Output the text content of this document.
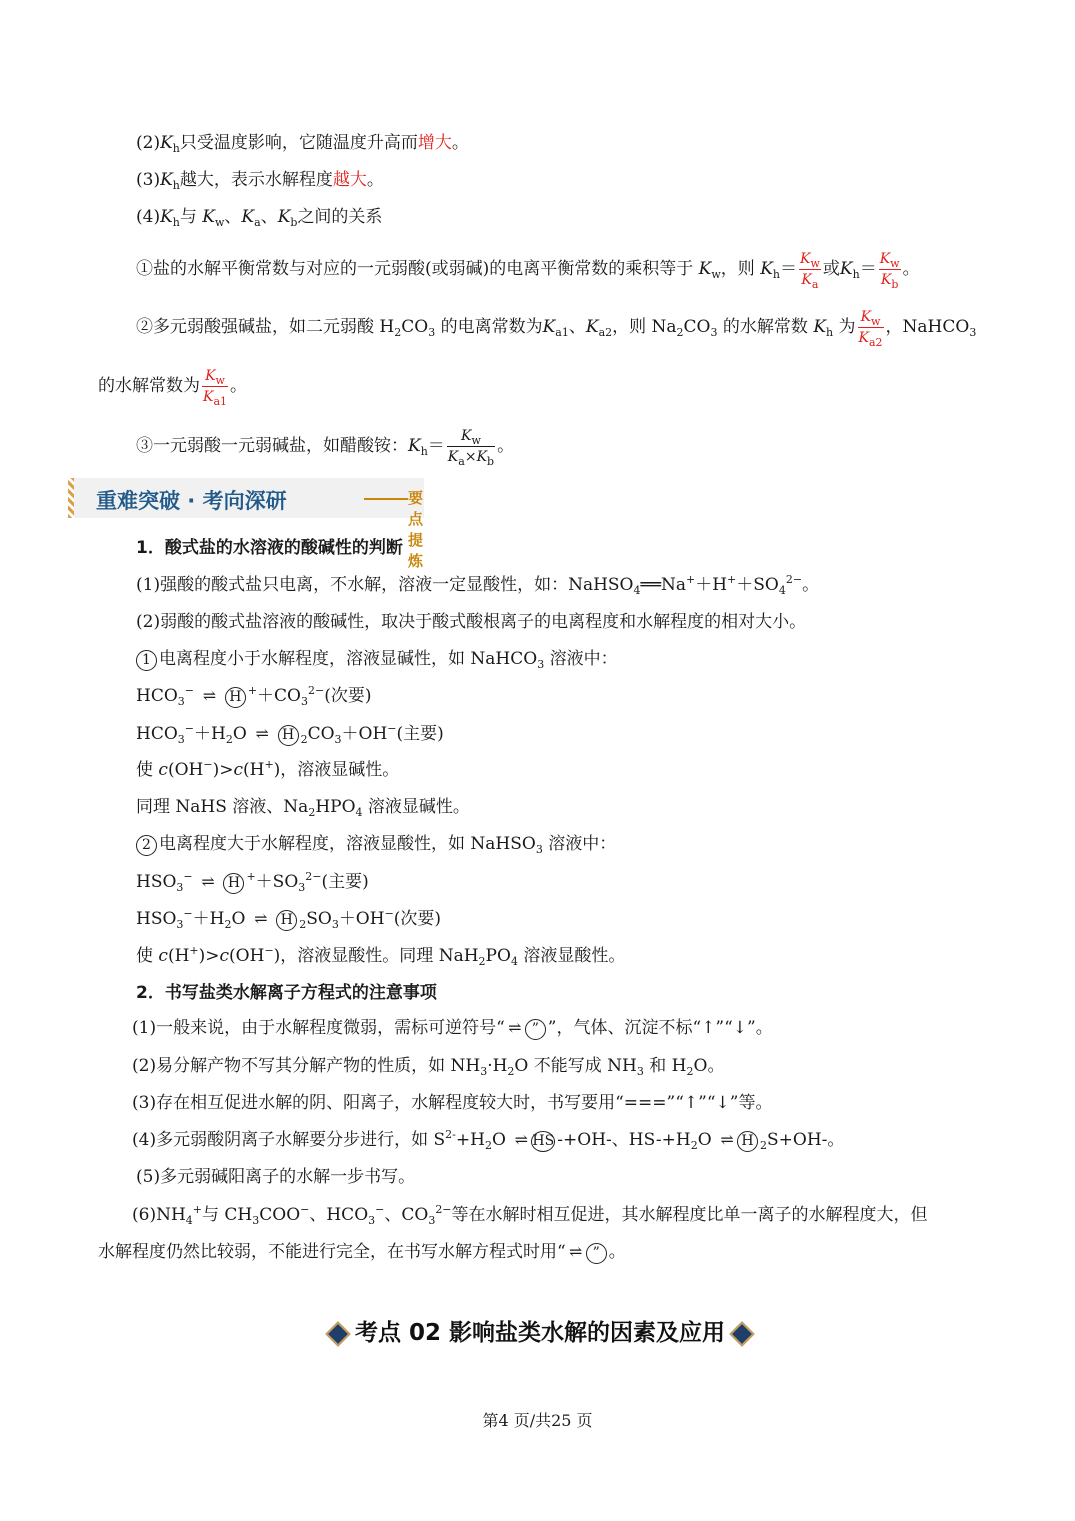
$(2)K_h$只受温度影响，它随温度升高而增大。
$(3)K_h$越大，表示水解程度越大。
$(4)K_h$与 $K_w$、$K_a$、$K_b$之间的关系
①盐的水解平衡常数与对应的一元弱酸(或弱碱)的电离平衡常数的乘积等于 $K_w$，则 $K_h= \frac{K_w}{K_a}$ 或$K_h= \frac{K_w}{K_b}$ 。
②多元弱酸强碱盐，如二元弱酸 $H_2CO_3$ 的电离常数为$K_{a1}$、$K_{a2}$，则 $Na_2CO_3$ 的水解常数 $K_h$ 为 $\frac{K_w}{K_{a2}}$ ，NaHCO$_3$
的水解常数为 $\frac{K_w}{K_{a1}}$ 。
③一元弱酸一元弱碱盐，如醋酸铵：$K_h= \frac{K_w}{K_a\times K_b}$ 。
重难突破 · 考向深研	要点提炼
1．酸式盐的水溶液的酸碱性的判断
(1)强酸的酸式盐只电离，不水解，溶液一定显酸性，如：$NaHSO_4══Na^++H^++SO_4^{2-}$。
(2)弱酸的酸式盐溶液的酸碱性，取决于酸式酸根离子的电离程度和水解程度的相对大小。
1 电离程度小于水解程度，溶液显碱性，如 NaHCO$_3$ 溶液中：
$HCO_3^-$ ⇌ H $^++CO_3^{2-}$(次要)
$HCO_3^-+H_2O$ ⇌ H $_2CO_3+OH^-$(主要)
使 c(OH−)>c(H+)，溶液显碱性。
同理 NaHS 溶液、$Na_2HPO_4$ 溶液显碱性。
2 电离程度大于水解程度，溶液显酸性，如 NaHSO$_3$ 溶液中：
$HSO_3^-$ ⇌ H $^++SO_3^{2-}$(主要)
$HSO_3^-+H_2O$ ⇌ H $_2SO_3+OH^-$(次要)
使 c(H+)>c(OH−)，溶液显酸性。同理 $NaH_2PO_4$ 溶液显酸性。
2．书写盐类水解离子方程式的注意事项
(1)一般来说，由于水解程度微弱，需标可逆符号“ ⇌ ” ”，气体、沉淀不标“↑”“↓”。
(2)易分解产物不写其分解产物的性质，如 $NH_3\cdot H_2O$ 不能写成 $NH_3$ 和 $H_2O$。
(3)存在相互促进水解的阴、阳离子，水解程度较大时，书写要用“===”“↑”“↓”等。
(4)多元弱酸阴离子水解要分步进行，如 $S^{2-}+H_2O$ ⇌ HS -+OH-、$HS-+H_2O$ ⇌ H $_2$S+OH-。
(5)多元弱碱阳离子的水解一步书写。
$(6)NH_4^+$与 $CH_3COO^-$、$HCO_3^-$、$CO_3^{2-}$等在水解时相互促进，其水解程度比单一离子的水解程度大，但
水解程度仍然比较弱，不能进行完全，在书写水解方程式时用“ ⇌ ” 。
考点 02 影响盐类水解的因素及应用
第4 页/共25 页
